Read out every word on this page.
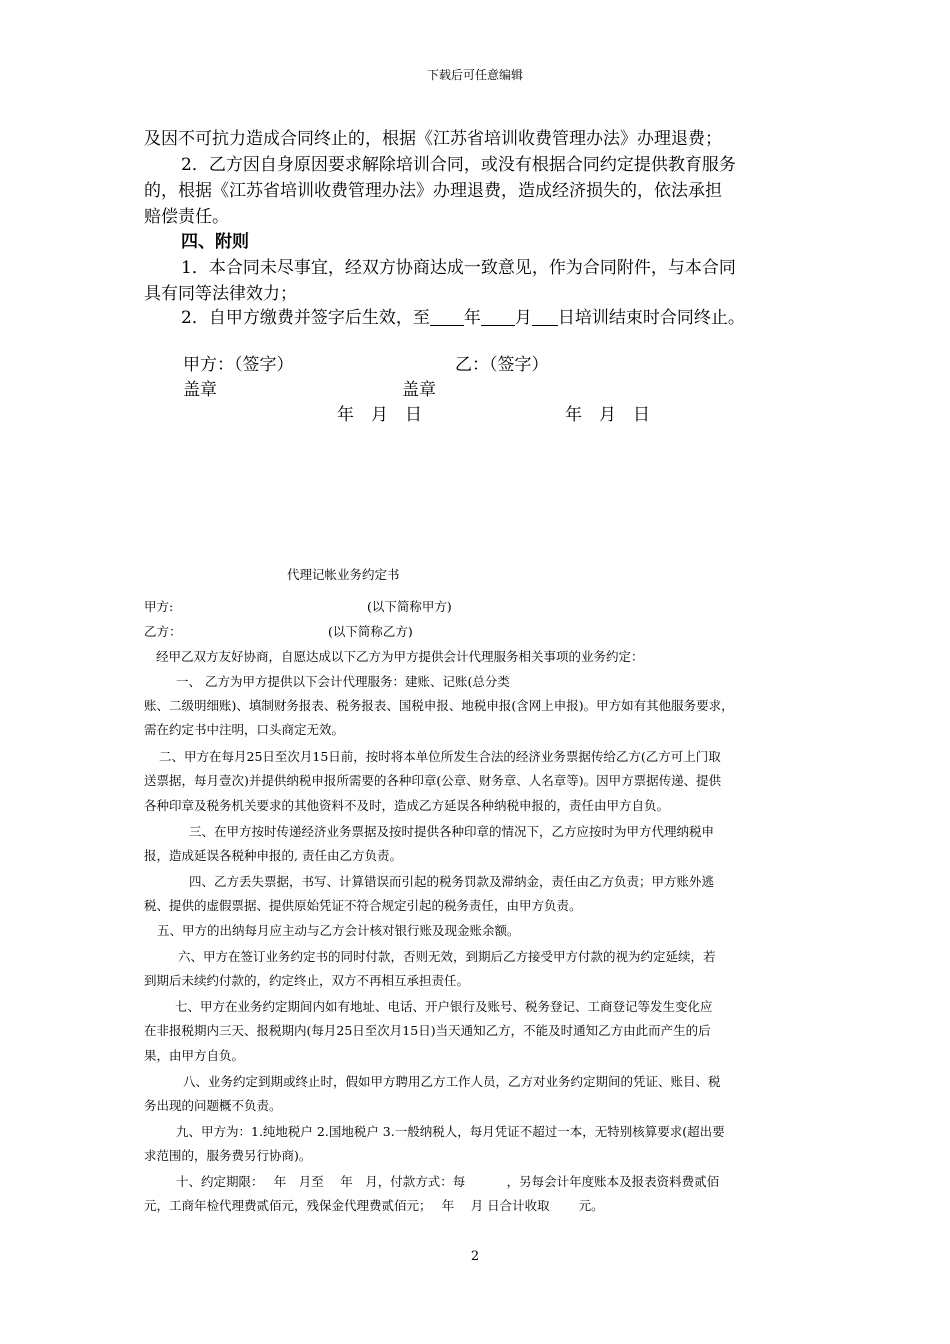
下载后可任意编辑
及因不可抗力造成合同终止的，根据《江苏省培训收费管理办法》办理退费；
2．乙方因自身原因要求解除培训合同，或没有根据合同约定提供教育服务
的，根据《江苏省培训收费管理办法》办理退费，造成经济损失的，依法承担
赔偿责任。
四、附则
1．本合同未尽事宜，经双方协商达成一致意见，作为合同附件，与本合同
具有同等法律效力；
2．自甲方缴费并签字后生效，至 年 月 日培训结束时合同终止。
甲方：（签字）	乙：（签字）
盖章	盖章
年　月　日	年　月　日
代理记帐业务约定书
甲方:	(以下简称甲方)
乙方：	(以下简称乙方)
经甲乙双方友好协商，自愿达成以下乙方为甲方提供会计代理服务相关事项的业务约定：
一、 乙方为甲方提供以下会计代理服务：建账、记账(总分类
账、二级明细账)、填制财务报表、税务报表、国税申报、地税申报(含网上申报)。甲方如有其他服务要求，
需在约定书中注明，口头商定无效。
二、甲方在每月25日至次月15日前，按时将本单位所发生合法的经济业务票据传给乙方(乙方可上门取
送票据，每月壹次)并提供纳税申报所需要的各种印章(公章、财务章、人名章等)。因甲方票据传递、提供
各种印章及税务机关要求的其他资料不及时，造成乙方延误各种纳税申报的，责任由甲方自负。
三、在甲方按时传递经济业务票据及按时提供各种印章的情况下，乙方应按时为甲方代理纳税申
报，造成延误各税种申报的, 责任由乙方负责。
四、乙方丢失票据，书写、计算错误而引起的税务罚款及滞纳金，责任由乙方负责；甲方账外逃
税、提供的虚假票据、提供原始凭证不符合规定引起的税务责任，由甲方负责。
五、甲方的出纳每月应主动与乙方会计核对银行账及现金账余额。
六、甲方在签订业务约定书的同时付款，否则无效，到期后乙方接受甲方付款的视为约定延续，若
到期后未续约付款的，约定终止，双方不再相互承担责任。
七、甲方在业务约定期间内如有地址、电话、开户银行及账号、税务登记、工商登记等发生变化应
在非报税期内三天、报税期内(每月25日至次月15日)当天通知乙方，不能及时通知乙方由此而产生的后
果，由甲方自负。
八、业务约定到期或终止时，假如甲方聘用乙方工作人员，乙方对业务约定期间的凭证、账目、税
务出现的问题概不负责。
九、甲方为：1.纯地税户 2.国地税户 3.一般纳税人，每月凭证不超过一本，无特别核算要求(超出要
求范围的，服务费另行协商)。
十、约定期限：　 年　月至　 年　月，付款方式：每　　　 ，另每会计年度账本及报表资料费贰佰
元，工商年检代理费贰佰元，残保金代理费贰佰元；　 年　 月 日合计收取　　 元。
2
